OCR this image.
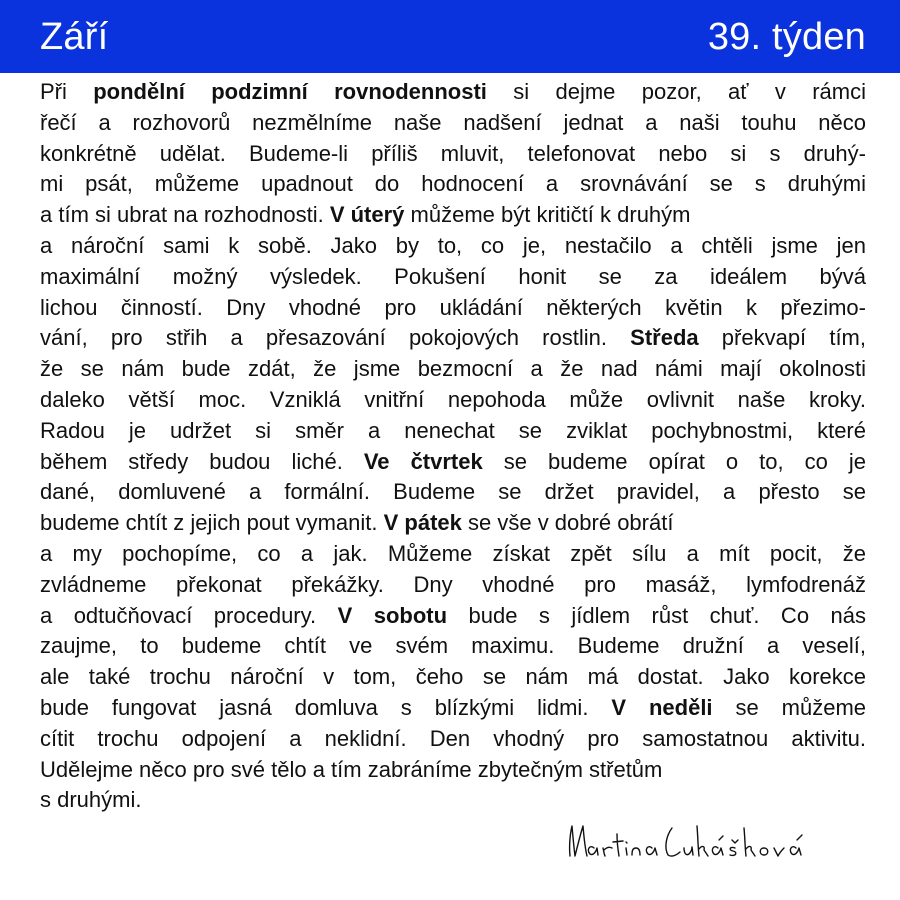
Září	39. týden
Při pondělní podzimní rovnodennosti si dejme pozor, ať v rámci
řečí a rozhovorů nezmělníme naše nadšení jednat a naši touhu něco
konkrétně udělat. Budeme-li příliš mluvit, telefonovat nebo si s druhý-
mi psát, můžeme upadnout do hodnocení a srovnávání se s druhými
a tím si ubrat na rozhodnosti. V úterý můžeme být kritičtí k druhým
a nároční sami k sobě. Jako by to, co je, nestačilo a chtěli jsme jen
maximální možný výsledek. Pokušení honit se za ideálem bývá
lichou činností. Dny vhodné pro ukládání některých květin k přezimo-
vání, pro střih a přesazování pokojových rostlin. Středa překvapí tím,
že se nám bude zdát, že jsme bezmocní a že nad námi mají okolnosti
daleko větší moc. Vzniklá vnitřní nepohoda může ovlivnit naše kroky.
Radou je udržet si směr a nenechat se zviklat pochybnostmi, které
během středy budou liché. Ve čtvrtek se budeme opírat o to, co je
dané, domluvené a formální. Budeme se držet pravidel, a přesto se
budeme chtít z jejich pout vymanit. V pátek se vše v dobré obrátí
a my pochopíme, co a jak. Můžeme získat zpět sílu a mít pocit, že
zvládneme překonat překážky. Dny vhodné pro masáž, lymfodrenáž
a odtučňovací procedury. V sobotu bude s jídlem růst chuť. Co nás
zaujme, to budeme chtít ve svém maximu. Budeme družní a veselí,
ale také trochu nároční v tom, čeho se nám má dostat. Jako korekce
bude fungovat jasná domluva s blízkými lidmi. V neděli se můžeme
cítit trochu odpojení a neklidní. Den vhodný pro samostatnou aktivitu.
Udělejme něco pro své tělo a tím zabráníme zbytečným střetům
s druhými.
